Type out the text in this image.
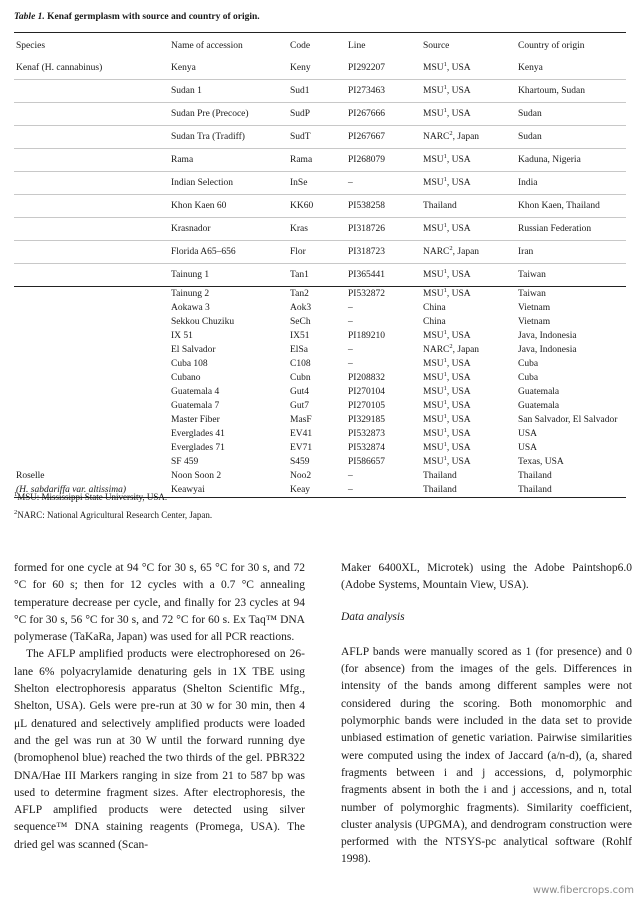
Table 1. Kenaf germplasm with source and country of origin.
Species	Name of accession	Code	Line	Source	Country of origin
Kenaf (H. cannabinus)	Kenya	Keny	PI292207	MSU$^1$, USA	Kenya
	Sudan 1	Sud1	PI273463	MSU$^1$, USA	Khartoum, Sudan
	Sudan Pre (Precoce)	SudP	PI267666	MSU$^1$, USA	Sudan
	Sudan Tra (Tradiff)	SudT	PI267667	NARC$^2$, Japan	Sudan
	Rama	Rama	PI268079	MSU$^1$, USA	Kaduna, Nigeria
	Indian Selection	InSe	–	MSU$^1$, USA	India
	Khon Kaen 60	KK60	PI538258	Thailand	Khon Kaen, Thailand
	Krasnador	Kras	PI318726	MSU$^1$, USA	Russian Federation
	Florida A65–656	Flor	PI318723	NARC$^2$, Japan	Iran
	Tainung 1	Tan1	PI365441	MSU$^1$, USA	Taiwan
	Tainung 2	Tan2	PI532872	MSU$^1$, USA	Taiwan
	Aokawa 3	Aok3	–	China	Vietnam
	Sekkou Chuziku	SeCh	–	China	Vietnam
	IX 51	IX51	PI189210	MSU$^1$, USA	Java, Indonesia
	El Salvador	ElSa	–	NARC$^2$, Japan	Java, Indonesia
	Cuba 108	C108	–	MSU$^1$, USA	Cuba
	Cubano	Cubn	PI208832	MSU$^1$, USA	Cuba
	Guatemala 4	Gut4	PI270104	MSU$^1$, USA	Guatemala
	Guatemala 7	Gut7	PI270105	MSU$^1$, USA	Guatemala
	Master Fiber	MasF	PI329185	MSU$^1$, USA	San Salvador, El Salvador
	Everglades 41	EV41	PI532873	MSU$^1$, USA	USA
	Everglades 71	EV71	PI532874	MSU$^1$, USA	USA
	SF 459	S459	PI586657	MSU$^1$, USA	Texas, USA
Roselle	Noon Soon 2	Noo2	–	Thailand	Thailand
(H. sabdariffa var. altissima)	Keawyai	Keay	–	Thailand	Thailand
$^1$MSU: Mississippi State University, USA.
$^2$NARC: National Agricultural Research Center, Japan.

formed for one cycle at 94 °C for 30 s, 65 °C for 30 s, and 72 °C for 60 s; then for 12 cycles with a 0.7 °C annealing temperature decrease per cycle, and finally for 23 cycles at 94 °C for 30 s, 56 °C for 30 s, and 72 °C for 60 s. Ex Taq™ DNA polymerase (TaKaRa, Japan) was used for all PCR reactions.

The AFLP amplified products were electrophoresed on 26-lane 6% polyacrylamide denaturing gels in 1X TBE using Shelton electrophoresis apparatus (Shelton Scientific Mfg., Shelton, USA). Gels were pre-run at 30 w for 30 min, then 4 μL denatured and selectively amplified products were loaded and the gel was run at 30 W until the forward running dye (bromophenol blue) reached the two thirds of the gel. PBR322 DNA/Hae III Markers ranging in size from 21 to 587 bp was used to determine fragment sizes. After electrophoresis, the AFLP amplified products were detected using silver sequence™ DNA staining reagents (Promega, USA). The dried gel was scanned (Scan-

Maker 6400XL, Microtek) using the Adobe Paintshop6.0 (Adobe Systems, Mountain View, USA).

Data analysis

AFLP bands were manually scored as 1 (for presence) and 0 (for absence) from the images of the gels. Differences in intensity of the bands among different samples were not considered during the scoring. Both monomorphic and polymorphic bands were included in the data set to provide unbiased estimation of genetic variation. Pairwise similarities were computed using the index of Jaccard (a/n-d), (a, shared fragments between i and j accessions, d, polymorphic fragments absent in both the i and j accessions, and n, total number of polymorghic fragments). Similarity coefficient, cluster analysis (UPGMA), and dendrogram construction were performed with the NTSYS-pc analytical software (Rohlf 1998).

www.fibercrops.com
